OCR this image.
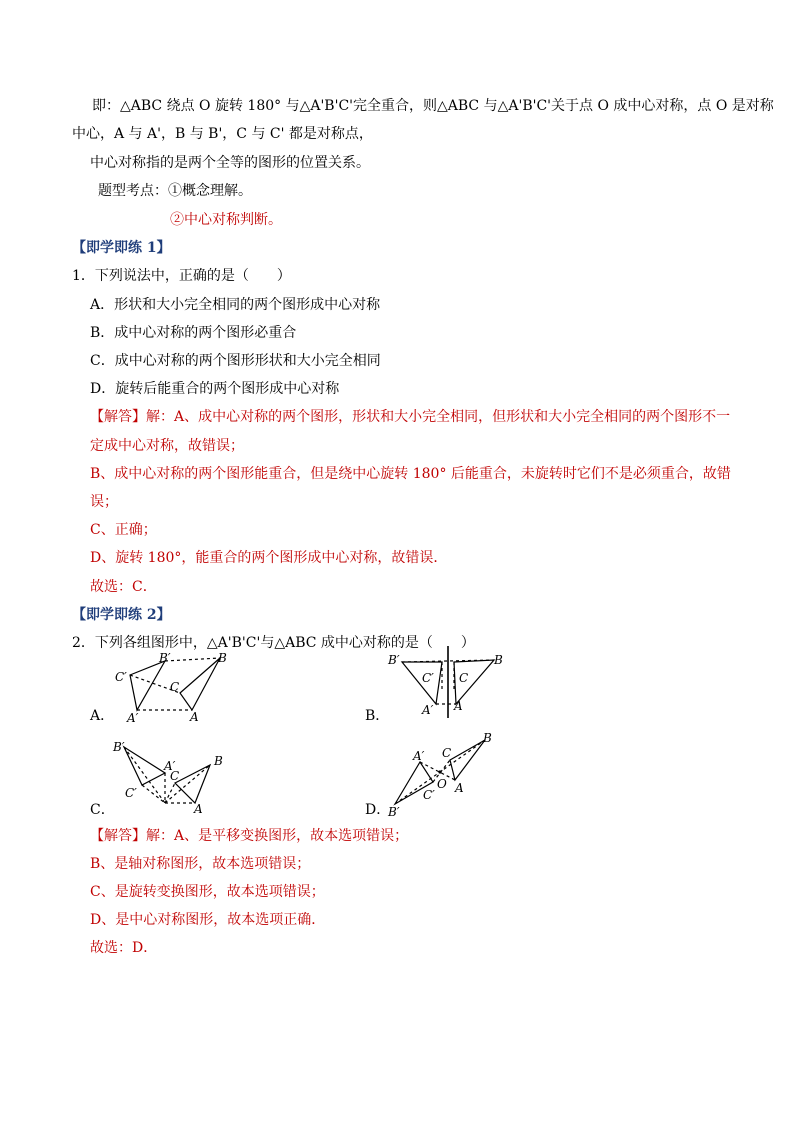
即：△ABC 绕点 O 旋转 180° 与△A'B'C'完全重合，则△ABC 与△A'B'C'关于点 O 成中心对称，点 O 是对称
中心，A 与 A'，B 与 B'，C 与 C' 都是对称点，
中心对称指的是两个全等的图形的位置关系。
题型考点：①概念理解。
②中心对称判断。
【即学即练 1】
1．下列说法中，正确的是（　　）
A．形状和大小完全相同的两个图形成中心对称
B．成中心对称的两个图形必重合
C．成中心对称的两个图形形状和大小完全相同
D．旋转后能重合的两个图形成中心对称
【解答】解：A、成中心对称的两个图形，形状和大小完全相同，但形状和大小完全相同的两个图形不一
定成中心对称，故错误；
B、成中心对称的两个图形能重合，但是绕中心旋转 180° 后能重合，未旋转时它们不是必须重合，故错
误；
C、正确；
D、旋转 180°，能重合的两个图形成中心对称，故错误．
故选：C．
【即学即练 2】
2．下列各组图形中，△A'B'C'与△ABC 成中心对称的是（　　）
C′
B′
A′
C
B
A
A．
B′
C′
A′
C
B
A
B．
B′
A′
C
C′
B
A
C．	B′
A′
C′
O
C
B
A
D．
【解答】解：A、是平移变换图形，故本选项错误；
B、是轴对称图形，故本选项错误；
C、是旋转变换图形，故本选项错误；
D、是中心对称图形，故本选项正确．
故选：D．
